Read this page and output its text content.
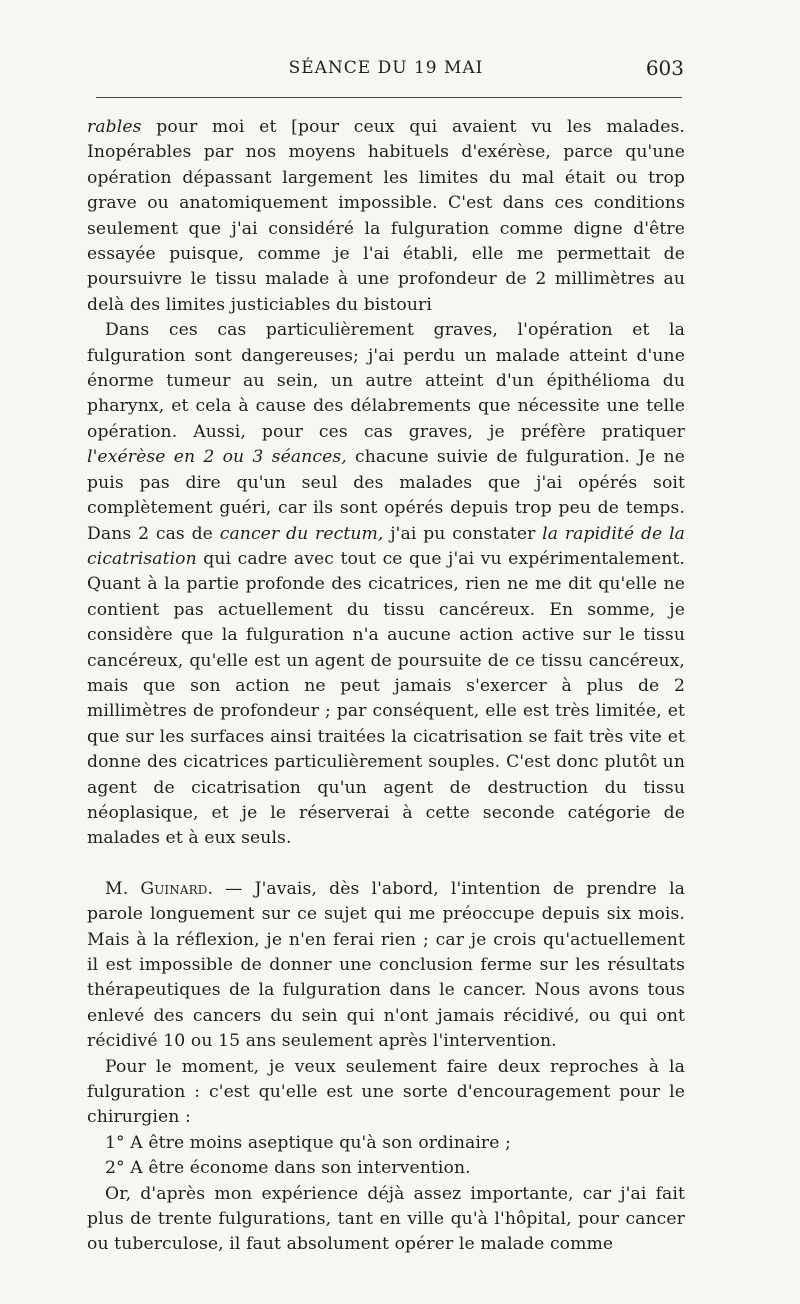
SÉANCE DU 19 MAI	603

rables pour moi et [pour ceux qui avaient vu les malades. Inopérables par nos moyens habituels d'exérèse, parce qu'une opération dépassant largement les limites du mal était ou trop grave ou anatomiquement impossible. C'est dans ces conditions seulement que j'ai considéré la fulguration comme digne d'être essayée puisque, comme je l'ai établi, elle me permettait de poursuivre le tissu malade à une profondeur de 2 millimètres au delà des limites justiciables du bistouri

Dans ces cas particulièrement graves, l'opération et la fulguration sont dangereuses; j'ai perdu un malade atteint d'une énorme tumeur au sein, un autre atteint d'un épithélioma du pharynx, et cela à cause des délabrements que nécessite une telle opération. Aussi, pour ces cas graves, je préfère pratiquer l'exérèse en 2 ou 3 séances, chacune suivie de fulguration. Je ne puis pas dire qu'un seul des malades que j'ai opérés soit complètement guéri, car ils sont opérés depuis trop peu de temps. Dans 2 cas de cancer du rectum, j'ai pu constater la rapidité de la cicatrisation qui cadre avec tout ce que j'ai vu expérimentalement. Quant à la partie profonde des cicatrices, rien ne me dit qu'elle ne contient pas actuellement du tissu cancéreux. En somme, je considère que la fulguration n'a aucune action active sur le tissu cancéreux, qu'elle est un agent de poursuite de ce tissu cancéreux, mais que son action ne peut jamais s'exercer à plus de 2 millimètres de profondeur ; par conséquent, elle est très limitée, et que sur les surfaces ainsi traitées la cicatrisation se fait très vite et donne des cicatrices particulièrement souples. C'est donc plutôt un agent de cicatrisation qu'un agent de destruction du tissu néoplasique, et je le réserverai à cette seconde catégorie de malades et à eux seuls.

M. Guinard. — J'avais, dès l'abord, l'intention de prendre la parole longuement sur ce sujet qui me préoccupe depuis six mois. Mais à la réflexion, je n'en ferai rien ; car je crois qu'actuellement il est impossible de donner une conclusion ferme sur les résultats thérapeutiques de la fulguration dans le cancer. Nous avons tous enlevé des cancers du sein qui n'ont jamais récidivé, ou qui ont récidivé 10 ou 15 ans seulement après l'intervention.

Pour le moment, je veux seulement faire deux reproches à la fulguration : c'est qu'elle est une sorte d'encouragement pour le chirurgien :

1° A être moins aseptique qu'à son ordinaire ;

2° A être économe dans son intervention.

Or, d'après mon expérience déjà assez importante, car j'ai fait plus de trente fulgurations, tant en ville qu'à l'hôpital, pour cancer ou tuberculose, il faut absolument opérer le malade comme
